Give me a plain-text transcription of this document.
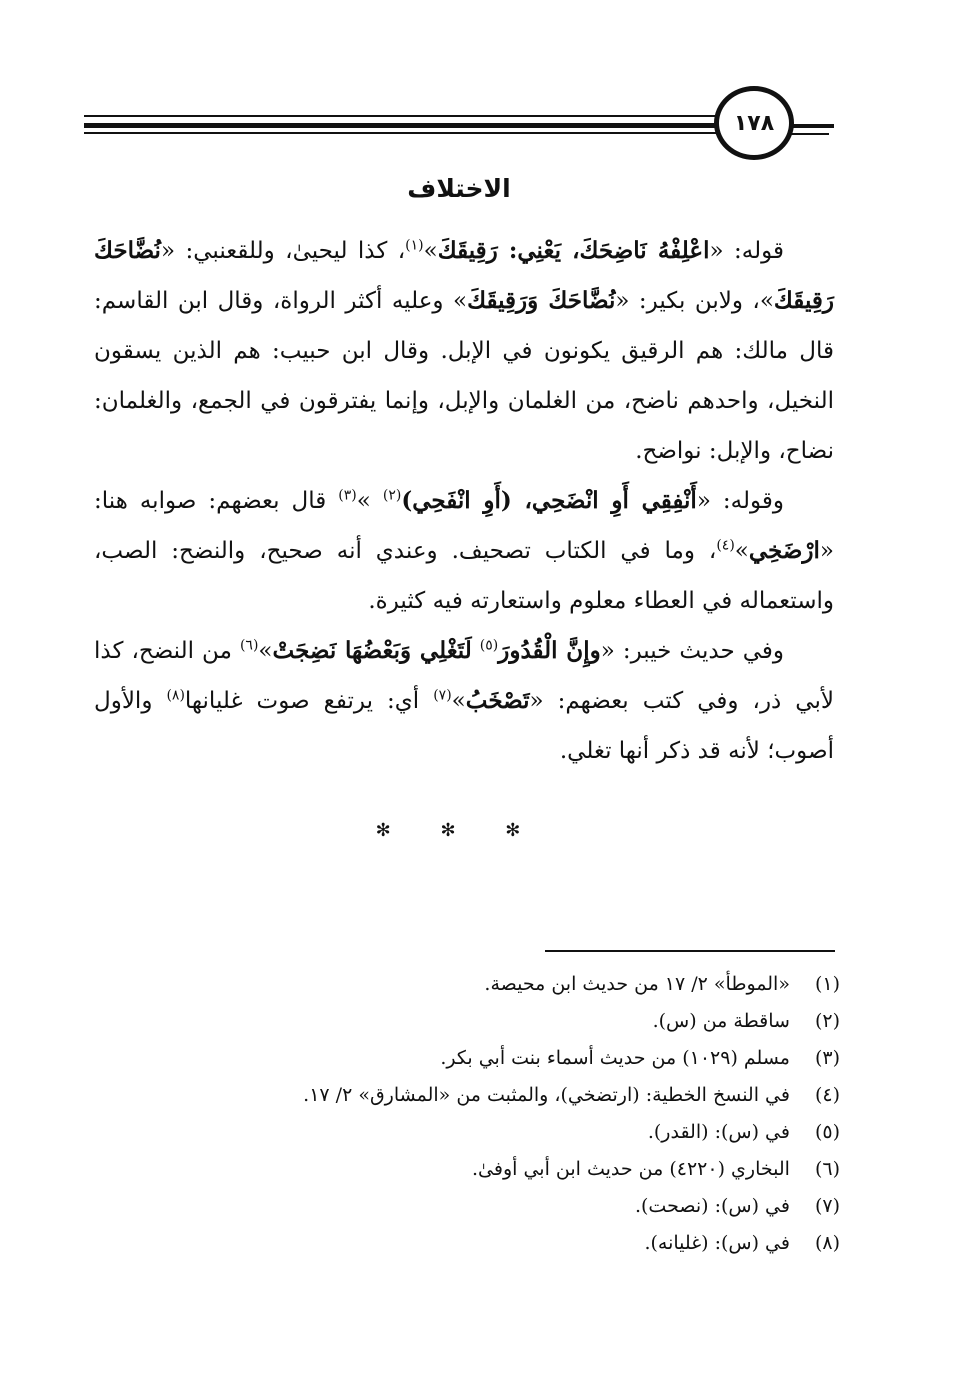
١٧٨
الاختلاف

قوله: «اعْلِفْهُ نَاضِحَكَ، يَعْنِي: رَقِيقَكَ»$^{(١)}$، كذا ليحيىٰ، وللقعنبي: «نُضَّاحَكَ رَقِيقَكَ»، ولابن بكير: «نُضَّاحَكَ وَرَقِيقَكَ» وعليه أكثر الرواة، وقال ابن القاسم: قال مالك: هم الرقيق يكونون في الإبل. وقال ابن حبيب: هم الذين يسقون النخيل، واحدهم ناضح، من الغلمان والإبل، وإنما يفترقون في الجمع، والغلمان: نضاح، والإبل: نواضح.

وقوله: «أَنْفِقِي أَوِ انْضَحِي، (أَوِ انْفَحِي)$^{(٢)}$ »$^{(٣)}$ قال بعضهم: صوابه هنا: «ارْضَخِي»$^{(٤)}$، وما في الكتاب تصحيف. وعندي أنه صحيح، والنضح: الصب، واستعماله في العطاء معلوم واستعارته فيه كثيرة.

وفي حديث خيبر: «وإِنَّ الْقُدُورَ$^{(٥)}$ لَتَغْلِي وَبَعْضُهَا نَضِجَتْ»$^{(٦)}$ من النضح، كذا لأبي ذر، وفي كتب بعضهم: «تَصْخَبُ»$^{(٧)}$ أي: يرتفع صوت غليانها$^{(٨)}$ والأول أصوب؛ لأنه قد ذكر أنها تغلي.

✻ ✻ ✻
(١) «الموطأ» ٢/ ١٧ من حديث ابن محيصة.
(٢) ساقطة من (س).
(٣) مسلم (١٠٢٩) من حديث أسماء بنت أبي بكر.
(٤) في النسخ الخطية: (ارتضخي)، والمثبت من «المشارق» ٢/ ١٧.
(٥) في (س): (القدر).
(٦) البخاري (٤٢٢٠) من حديث ابن أبي أوفىٰ.
(٧) في (س): (نصحت).
(٨) في (س): (غليانه).
